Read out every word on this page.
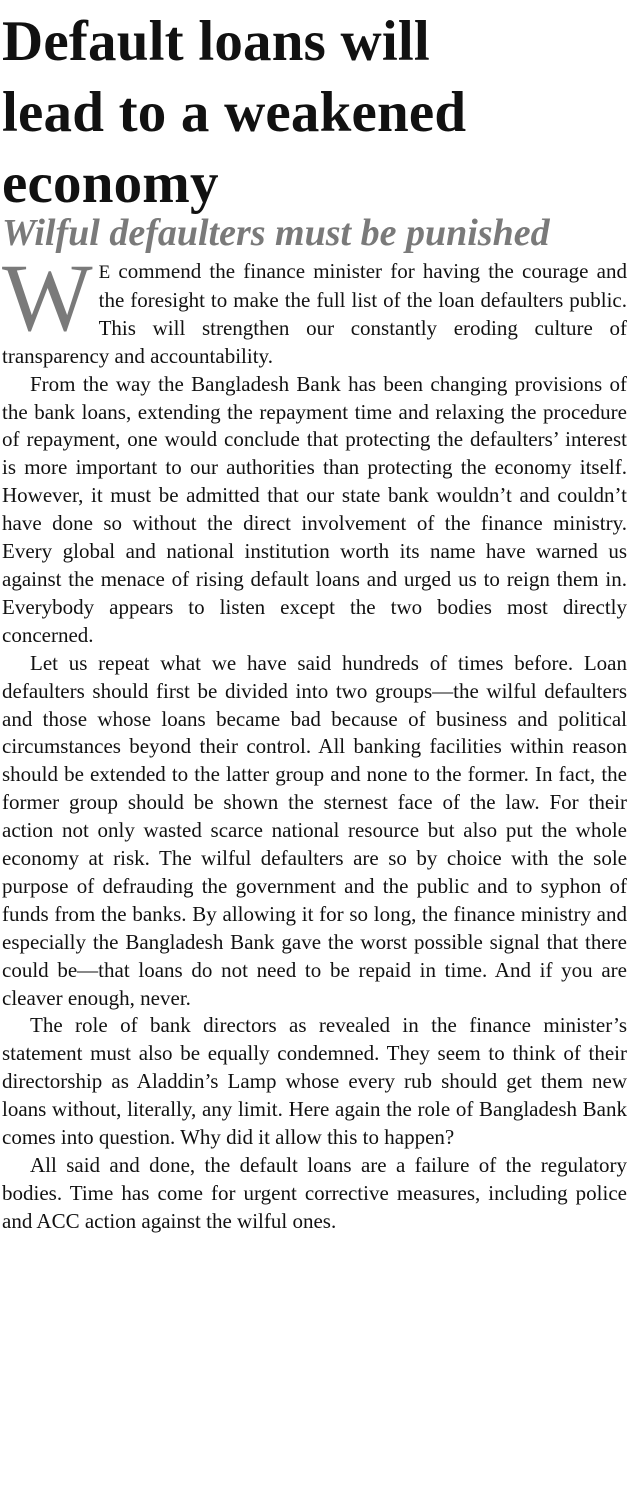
Default loans will
lead to a weakened
economy
Wilful defaulters must be punished

W E commend the finance minister for having the courage and the foresight to make the full list of the loan defaulters public. This will strengthen our constantly eroding culture of transparency and accountability.

From the way the Bangladesh Bank has been changing provisions of the bank loans, extending the repayment time and relaxing the procedure of repayment, one would conclude that protecting the defaulters’ interest is more important to our authorities than protecting the economy itself. However, it must be admitted that our state bank wouldn’t and couldn’t have done so without the direct involvement of the finance ministry. Every global and national institution worth its name have warned us against the menace of rising default loans and urged us to reign them in. Everybody appears to listen except the two bodies most directly concerned.

Let us repeat what we have said hundreds of times before. Loan defaulters should first be divided into two groups—the wilful defaulters and those whose loans became bad because of business and political circumstances beyond their control. All banking facilities within reason should be extended to the latter group and none to the former. In fact, the former group should be shown the sternest face of the law. For their action not only wasted scarce national resource but also put the whole economy at risk. The wilful defaulters are so by choice with the sole purpose of defrauding the government and the public and to syphon of funds from the banks. By allowing it for so long, the finance ministry and especially the Bangladesh Bank gave the worst possible signal that there could be—that loans do not need to be repaid in time. And if you are cleaver enough, never.

The role of bank directors as revealed in the finance minister’s statement must also be equally condemned. They seem to think of their directorship as Aladdin’s Lamp whose every rub should get them new loans without, literally, any limit. Here again the role of Bangladesh Bank comes into question. Why did it allow this to happen?

All said and done, the default loans are a failure of the regulatory bodies. Time has come for urgent corrective measures, including police and ACC action against the wilful ones.
